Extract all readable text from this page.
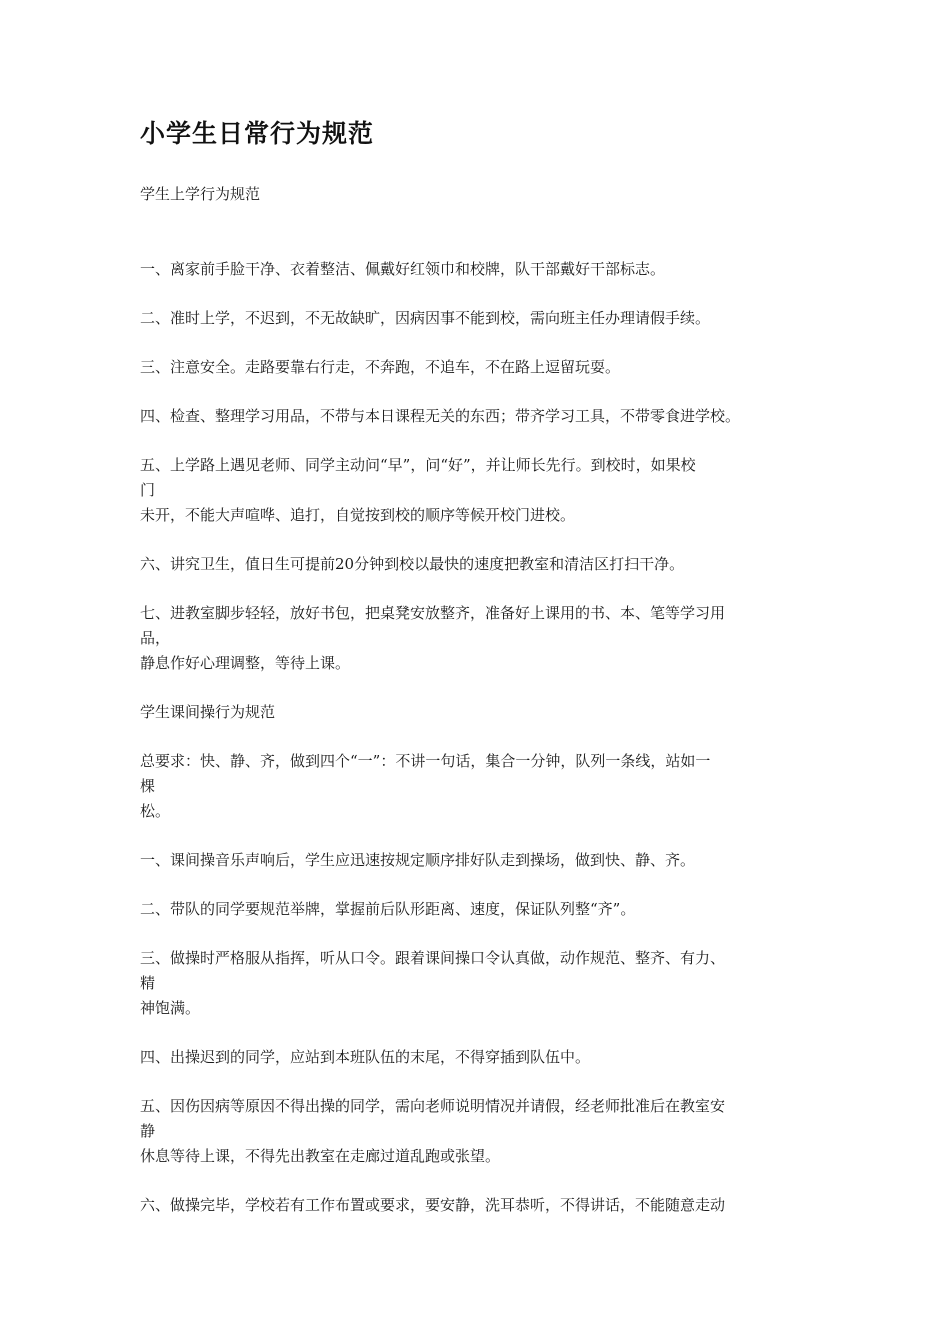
小学生日常行为规范

学生上学行为规范

一、离家前手脸干净、衣着整洁、佩戴好红领巾和校牌，队干部戴好干部标志。

二、准时上学，不迟到，不无故缺旷，因病因事不能到校，需向班主任办理请假手续。

三、注意安全。走路要靠右行走，不奔跑，不追车，不在路上逗留玩耍。

四、检查、整理学习用品，不带与本日课程无关的东西；带齐学习工具，不带零食进学校。

五、上学路上遇见老师、同学主动问“早”，问“好”，并让师长先行。到校时，如果校

门

未开，不能大声喧哗、追打，自觉按到校的顺序等候开校门进校。

六、讲究卫生，值日生可提前20分钟到校以最快的速度把教室和清洁区打扫干净。

七、进教室脚步轻轻，放好书包，把桌凳安放整齐，准备好上课用的书、本、笔等学习用

品，

静息作好心理调整，等待上课。

学生课间操行为规范

总要求：快、静、齐，做到四个“一”：不讲一句话，集合一分钟，队列一条线，站如一

棵

松。

一、课间操音乐声响后，学生应迅速按规定顺序排好队走到操场，做到快、静、齐。

二、带队的同学要规范举牌，掌握前后队形距离、速度，保证队列整“齐”。

三、做操时严格服从指挥，听从口令。跟着课间操口令认真做，动作规范、整齐、有力、

精

神饱满。

四、出操迟到的同学，应站到本班队伍的末尾，不得穿插到队伍中。

五、因伤因病等原因不得出操的同学，需向老师说明情况并请假，经老师批准后在教室安

静

休息等待上课，不得先出教室在走廊过道乱跑或张望。

六、做操完毕，学校若有工作布置或要求，要安静，洗耳恭听，不得讲话，不能随意走动
